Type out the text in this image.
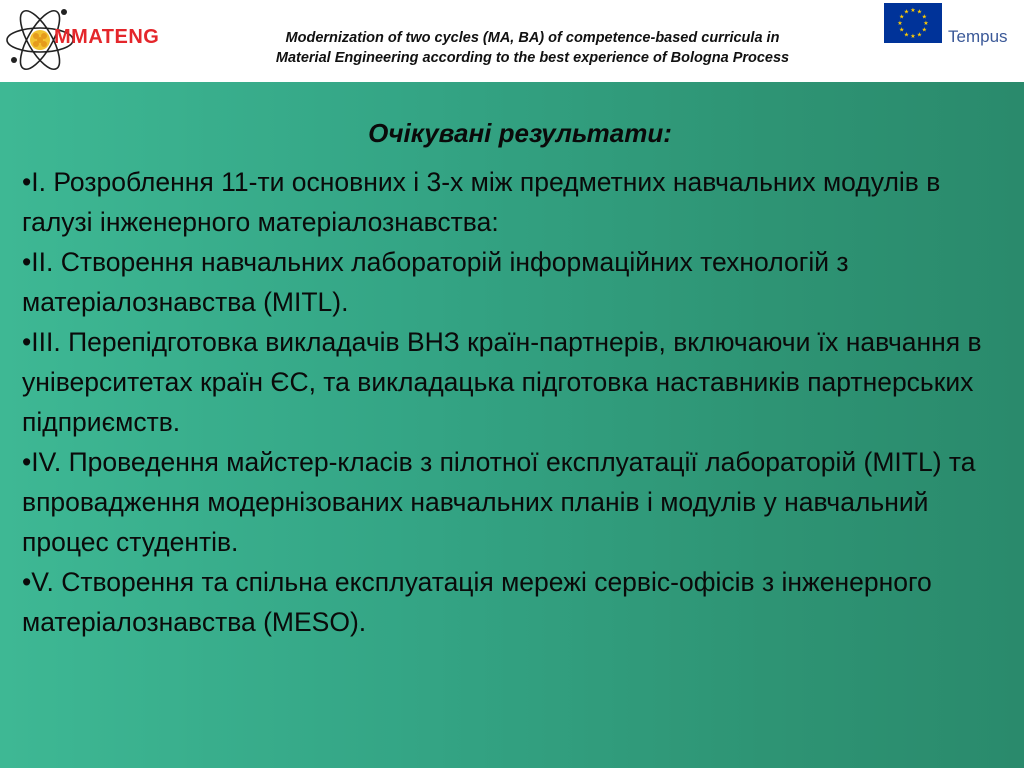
MMATENG	Modernization of two cycles (MA, BA) of competence-based curricula in
Material Engineering according to the best experience of Bologna Process
★ ★
★
★
★
★
★
★
★
★
★
★
Tempus
Очікувані результати:

•I. Розроблення 11-ти основних і 3-х між предметних навчальних модулів в галузі інженерного матеріалознавства:

•II. Створення навчальних лабораторій інформаційних технологій з матеріалознавства (MITL).

•III. Перепідготовка викладачів ВНЗ країн-партнерів, включаючи їх навчання в університетах країн ЄС, та викладацька підготовка наставників партнерських підприємств.

•IV. Проведення майстер-класів з пілотної експлуатації лабораторій (MITL) та впровадження модернізованих навчальних планів і модулів у навчальний процес студентів.

•V. Створення та спільна експлуатація мережі сервіс-офісів з інженерного матеріалознавства (MESO).
